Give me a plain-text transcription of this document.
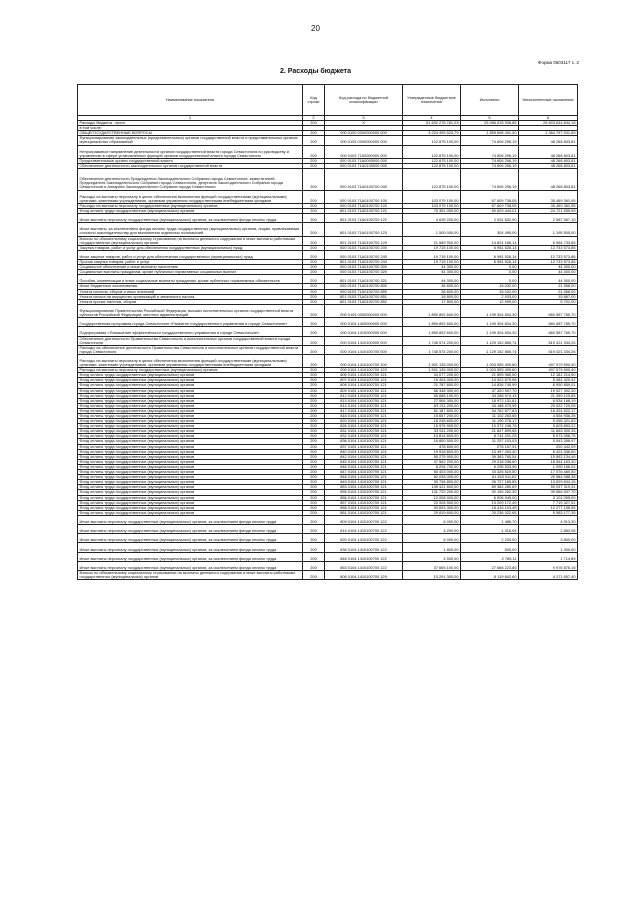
20
Форма 0503117 с. 2
2. Расходы бюджета
Наименование показателя	Код строки	Код расхода по бюджетной классификации	Утвержденные бюджетные назначения	Исполнено	Неисполненные назначения
1	2	3	4	5	6
Расходы бюджета - всего	200	X	51 690 276 781,03	25 086 633 936,85	26 603 644 844,18
в том числе:					
ОБЩЕГОСУДАРСТВЕННЫЕ ВОПРОСЫ	200	000 0100 0000000000 000	3 224 495 523,79	1 859 698 491,90	1 364 797 031,89
Функционирование законодательных (представительных) органов государственной власти и представительных органов муниципальных образований	200	000 0103 0000000000 000	122 875 100,00	74 606 296,19	48 268 803,81
Непрограммное направление деятельности органов государственной власти города Севастополя по руководству и управлению в сфере установленных функций органов государственной власти города Севастополя	200	000 0103 7100000000 000	122 875 100,00	74 606 296,19	48 268 803,81
Представительные органы государственной власти	200	000 0103 71A0000000 000	122 875 100,00	74 606 296,19	48 268 803,81
Обеспечение деятельности законодательных органов государственной власти	200	000 0103 71A0100000 000	122 875 100,00	74 606 296,19	48 268 803,81
Обеспечение деятельности Председателя Законодательного Собрания города Севастополя, заместителей Председателя Законодательного Собрания города Севастополя, депутатов Законодательного Собрания города Севастополя и Аппарата Законодательного Собрания города Севастополя	200	000 0103 71A0100700 000	122 875 100,00	74 606 296,19	48 268 803,81
Расходы на выплаты персоналу в целях обеспечения выполнения функций государственными (муниципальными) органами, казенными учреждениями, органами управления государственными внебюджетными фондами	200	000 0103 71A0100700 100	103 079 100,00	67 609 738,05	35 469 361,95
Расходы на выплаты персоналу государственных (муниципальных) органов	200	000 0103 71A0100700 120	103 079 100,00	67 609 738,05	35 469 361,95
Фонд оплаты труда государственных (муниципальных) органов	200	801 0103 71A0100700 121	75 351 000,00	50 629 444,01	24 721 555,99
Иные выплаты персоналу государственных (муниципальных) органов, за исключением фонда оплаты труда	200	801 0103 71A0100700 122	4 639 200,00	2 051 632,90	2 587 567,10
Иные выплаты, за исключением фонда оплаты труда государственных (муниципальных) органов, лицам, привлекаемым согласно законодательству для выполнения отдельных полномочий	200	801 0103 71A0100700 123	1 500 000,00	304 495,00	1 195 505,00
Взносы по обязательному социальному страхованию на выплаты денежного содержания и иные выплаты работникам государственных (муниципальных) органов	200	801 0103 71A0100700 129	21 589 900,00	14 624 166,14	6 964 733,86
Закупка товаров, работ и услуг для обеспечения государственных (муниципальных) нужд	200	000 0103 71A0100700 200	19 715 100,00	6 981 526,14	12 733 573,86
Иные закупки товаров, работ и услуг для обеспечения государственных (муниципальных) нужд	200	000 0103 71A0100700 240	19 715 100,00	6 981 526,14	12 733 573,86
Прочая закупка товаров, работ и услуг	200	801 0103 71A0100700 244	19 715 100,00	6 981 526,14	12 733 573,86
Социальное обеспечение и иные выплаты населению	200	000 0103 71A0100700 300	44 300,00	0,00	44 300,00
Социальные выплаты гражданам, кроме публичных нормативных социальных выплат	200	000 0103 71A0100700 320	44 300,00	0,00	44 300,00
Пособия, компенсации и иные социальные выплаты гражданам, кроме публичных нормативных обязательств	200	801 0103 71A0100700 321	44 300,00	0,00	44 300,00
Иные бюджетные ассигнования	200	000 0103 71A0100700 800	36 600,00	15 032,00	21 568,00
Уплата налогов, сборов и иных платежей	200	000 0103 71A0100700 850	36 600,00	15 032,00	21 568,00
Уплата налога на имущество организаций и земельного налога	200	801 0103 71A0100700 851	18 800,00	2 933,00	15 867,00
Уплата прочих налогов, сборов	200	801 0103 71A0100700 852	17 800,00	12 099,00	5 701,00
Функционирование Правительства Российской Федерации, высших исполнительных органов государственной власти субъектов Российской Федерации, местных администраций	200	000 0104 0000000000 000	1 859 892 600,00	1 199 304 834,30	660 587 765,70
Государственная программа города Севастополя «Развитие государственного управления в городе Севастополе»	200	000 0104 1400000000 000	1 859 892 600,00	1 199 304 834,30	660 587 765,70
Подпрограмма «Повышение эффективности государственного управления в городе Севастополе»	200	000 0104 1410000000 000	1 859 892 600,00	1 199 304 834,30	660 587 765,70
Обеспечение деятельности Правительства Севастополя и исполнительных органов государственной власти города Севастополя	200	000 0104 1410100000 000	1 748 574 200,00	1 129 152 865,74	619 421 334,26
Расходы на обеспечение деятельности Правительства Севастополя и исполнительных органов государственной власти города Севастополя	200	000 0104 1410100700 000	1 748 574 200,00	1 129 152 865,74	619 421 334,26
Расходы на выплаты персоналу в целях обеспечения выполнения функций государственными (муниципальными) органами, казенными учреждениями, органами управления государственными внебюджетными фондами	200	000 0104 1410100700 100	1 501 135 000,00	1 003 555 409,60	497 579 590,40
Расходы на выплаты персоналу государственных (муниципальных) органов	200	000 0104 1410100700 120	1 501 135 000,00	1 003 555 409,60	497 579 590,40
Фонд оплаты труда государственных (муниципальных) органов	200	806 0104 1410100700 121	34 077 200,00	21 895 985,50	12 181 214,50
Фонд оплаты труда государственных (муниципальных) органов	200	807 0104 1410100700 121	16 404 000,00	10 922 579,58	5 481 420,42
Фонд оплаты труда государственных (муниципальных) органов	200	808 0104 1410100700 121	21 787 600,00	14 836 740,99	6 950 859,01
Фонд оплаты труда государственных (муниципальных) органов	200	809 0104 1410100700 121	66 348 300,00	47 320 907,70	19 027 392,30
Фонд оплаты труда государственных (муниципальных) органов	200	812 0104 1410100700 121	55 688 100,00	34 288 974,15	21 399 125,85
Фонд оплаты труда государственных (муниципальных) органов	200	813 0104 1410100700 121	27 506 300,00	18 972 131,81	8 534 168,19
Фонд оплаты труда государственных (муниципальных) органов	200	814 0104 1410100700 121	63 211 200,00	43 188 479,95	20 022 720,05
Фонд оплаты труда государственных (муниципальных) органов	200	817 0104 1410100700 121	51 187 600,00	34 762 677,83	16 424 922,17
Фонд оплаты труда государственных (муниципальных) органов	200	818 0104 1410100700 121	15 657 200,00	11 102 263,65	4 554 936,35
Фонд оплаты труда государственных (муниципальных) органов	200	820 0104 1410100700 121	18 245 600,00	11 190 278,17	5 055 321,83
Фонд оплаты труда государственных (муниципальных) органов	200	826 0104 1410100700 121	15 975 900,00	10 372 246,78	5 603 653,22
Фонд оплаты труда государственных (муниципальных) органов	200	831 0104 1410100700 121	33 511 200,00	21 847 899,65	11 663 300,35
Фонд оплаты труда государственных (муниципальных) органов	200	832 0104 1410100700 121	13 814 600,00	8 741 201,25	5 073 398,75
Фонд оплаты труда государственных (муниципальных) органов	200	836 0104 1410100700 121	16 800 500,00	11 257 103,03	5 543 396,97
Фонд оплаты труда государственных (муниципальных) органов	200	837 0104 1410100700 121	478 600,00	278 157,91	200 442,09
Фонд оплаты труда государственных (муниципальных) органов	200	840 0104 1410100700 121	19 918 600,00	13 497 263,40	6 421 336,60
Фонд оплаты труда государственных (муниципальных) органов	200	842 0104 1410100700 121	55 275 900,00	39 383 765,54	15 892 134,46
Фонд оплаты труда государственных (муниципальных) органов	200	845 0104 1410100700 121	47 562 200,00	29 018 036,60	18 544 163,40
Фонд оплаты труда государственных (муниципальных) органов	200	846 0104 1410100700 121	8 294 700,00	6 295 533,96	1 999 166,04
Фонд оплаты труда государственных (муниципальных) органов	200	847 0104 1410100700 121	60 403 000,00	43 326 519,50	17 076 480,50
Фонд оплаты труда государственных (муниципальных) органов	200	848 0104 1410100700 121	82 038 000,00	61 453 911,62	20 584 088,38
Фонд оплаты труда государственных (муниципальных) органов	200	849 0104 1410100700 121	39 736 800,00	26 727 165,85	13 009 634,15
Фонд оплаты труда государственных (муниципальных) органов	200	853 0104 1410100700 121	139 421 600,00	89 384 280,69	50 037 319,31
Фонд оплаты труда государственных (муниципальных) органов	200	855 0104 1410100700 121	131 722 200,00	92 155 262,30	39 566 937,70
Фонд оплаты труда государственных (муниципальных) органов	200	856 0104 1410100700 121	10 008 000,00	6 906 945,00	3 101 055,00
Фонд оплаты труда государственных (муниципальных) органов	200	857 0104 1410100700 121	20 928 500,00	13 209 172,49	7 719 327,51
Фонд оплаты труда государственных (муниципальных) органов	200	858 0104 1410100700 121	30 693 300,00	18 416 103,45	12 277 196,55
Фонд оплаты труда государственных (муниципальных) органов	200	861 0104 1410100700 121	29 819 600,00	20 236 422,65	9 583 177,35
Иные выплаты персоналу государственных (муниципальных) органов, за исключением фонда оплаты труда	200	809 0104 1410100700 122	6 000,00	1 486,70	4 513,30
Иные выплаты персоналу государственных (муниципальных) органов, за исключением фонда оплаты труда	200	814 0104 1410100700 122	4 200,00	1 316,94	2 883,06
Иные выплаты персоналу государственных (муниципальных) органов, за исключением фонда оплаты труда	200	820 0104 1410100700 122	6 000,00	2 200,00	3 800,00
Иные выплаты персоналу государственных (муниципальных) органов, за исключением фонда оплаты труда	200	836 0104 1410100700 122	1 800,00	500,00	1 300,00
Иные выплаты персоналу государственных (муниципальных) органов, за исключением фонда оплаты труда	200	848 0104 1410100700 122	4 500,00	2 785,11	1 714,89
Иные выплаты персоналу государственных (муниципальных) органов, за исключением фонда оплаты труда	200	853 0104 1410100700 122	37 665 100,00	27 688 223,85	9 976 876,15
Взносы по обязательному социальному страхованию на выплаты денежного содержания и иные выплаты работникам государственных (муниципальных) органов	200	806 0104 1410100700 129	10 291 300,00	6 119 642,60	4 171 657,40
